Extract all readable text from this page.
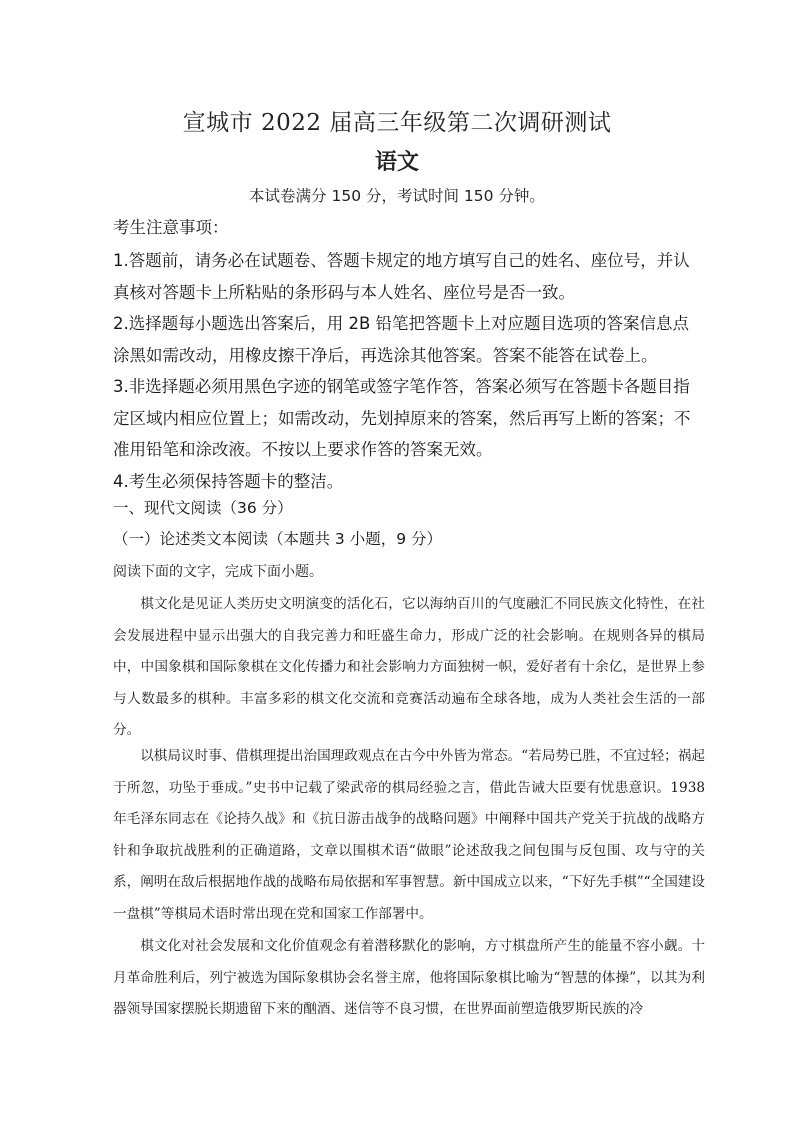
宣城市 2022 届高三年级第二次调研测试
语文
本试卷满分 150 分，考试时间 150 分钟。
考生注意事项：

1.答题前，请务必在试题卷、答题卡规定的地方填写自己的姓名、座位号，并认真核对答题卡上所粘贴的条形码与本人姓名、座位号是否一致。

2.选择题每小题选出答案后，用 2B 铅笔把答题卡上对应题目选项的答案信息点涂黑如需改动，用橡皮擦干净后，再选涂其他答案。答案不能答在试卷上。

3.非选择题必须用黑色字迹的钢笔或签字笔作答，答案必须写在答题卡各题目指定区域内相应位置上；如需改动，先划掉原来的答案，然后再写上断的答案；不准用铅笔和涂改液。不按以上要求作答的答案无效。

4.考生必须保持答题卡的整洁。

一、现代文阅读（36 分）
（一）论述类文本阅读（本题共 3 小题，9 分）
阅读下面的文字，完成下面小题。

棋文化是见证人类历史文明演变的活化石，它以海纳百川的气度融汇不同民族文化特性，在社会发展进程中显示出强大的自我完善力和旺盛生命力，形成广泛的社会影响。在规则各异的棋局中，中国象棋和国际象棋在文化传播力和社会影响力方面独树一帜，爱好者有十余亿，是世界上参与人数最多的棋种。丰富多彩的棋文化交流和竞赛活动遍布全球各地，成为人类社会生活的一部分。

以棋局议时事、借棋理提出治国理政观点在古今中外皆为常态。“若局势已胜，不宜过轻；祸起于所忽，功坠于垂成。”史书中记载了梁武帝的棋局经验之言，借此告诫大臣要有忧患意识。1938 年毛泽东同志在《论持久战》和《抗日游击战争的战略问题》中阐释中国共产党关于抗战的战略方针和争取抗战胜利的正确道路，文章以围棋术语“做眼”论述敌我之间包围与反包围、攻与守的关系，阐明在敌后根据地作战的战略布局依据和军事智慧。新中国成立以来，“下好先手棋”“全国建设一盘棋”等棋局术语时常出现在党和国家工作部署中。

棋文化对社会发展和文化价值观念有着潜移默化的影响，方寸棋盘所产生的能量不容小觑。十月革命胜利后，列宁被选为国际象棋协会名誉主席，他将国际象棋比喻为“智慧的体操”，以其为利器领导国家摆脱长期遗留下来的酗酒、迷信等不良习惯，在世界面前塑造俄罗斯民族的冷
